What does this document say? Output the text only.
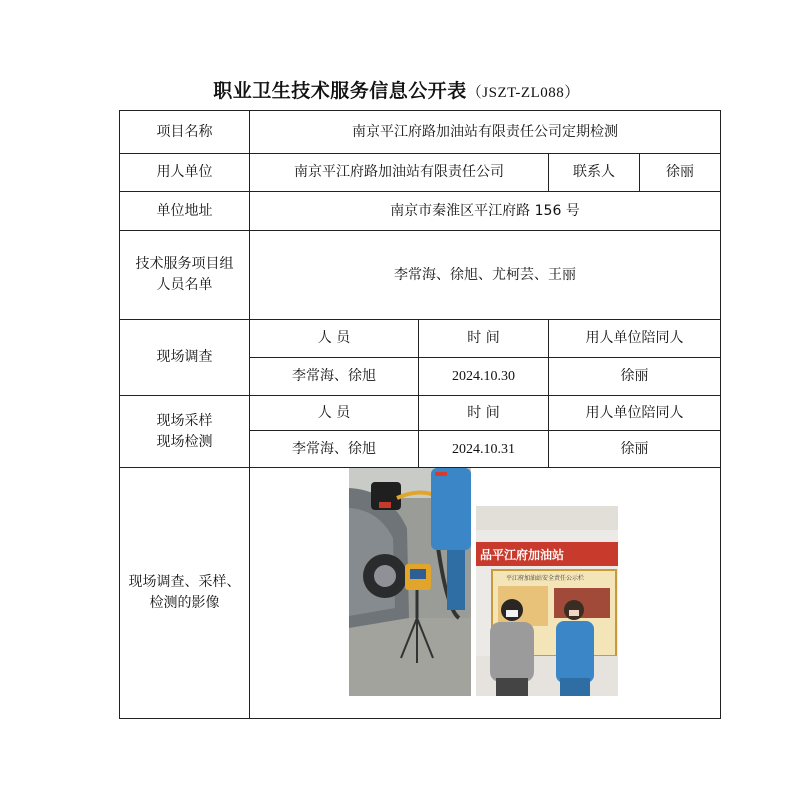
职业卫生技术服务信息公开表（JSZT-ZL088）
项目名称	南京平江府路加油站有限责任公司定期检测			
用人单位	南京平江府路加油站有限责任公司		联系人	徐丽
单位地址	南京市秦淮区平江府路 156 号			
技术服务项目组人员名单	李常海、徐旭、尤柯芸、王丽			
现场调查	人 员	时 间	用人单位陪同人	
	李常海、徐旭	2024.10.30	徐丽	

现场采样
现场检测	人 员	时 间	用人单位陪同人	
	李常海、徐旭	2024.10.31	徐丽	
现场调查、采样、检测的影像	品平江府加油站
平江府加油站安全责任公示栏			
